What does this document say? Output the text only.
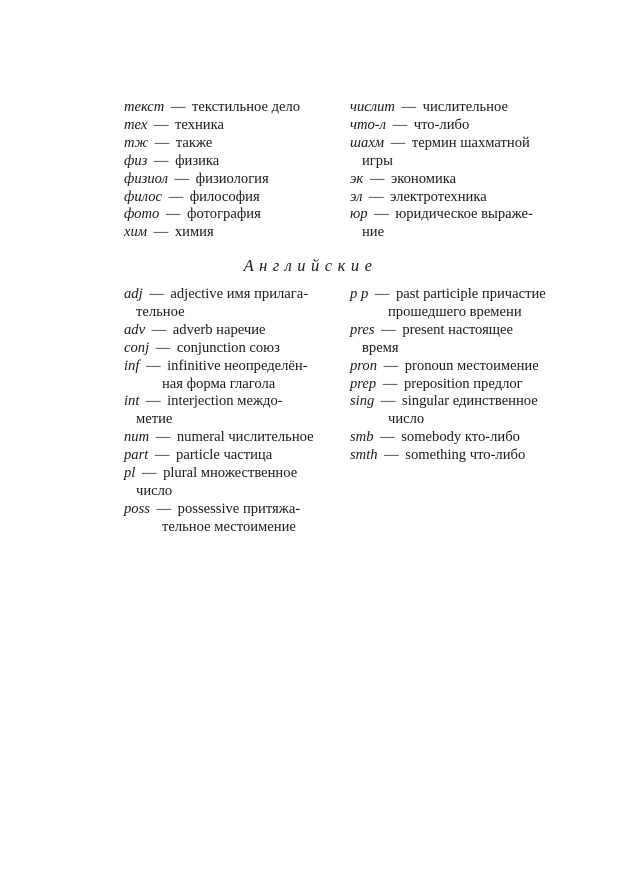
текст — текстильное дело
тех — техника
тж — также
физ — физика
физиол — физиология
филос — философия
фото — фотография
хим — химия
числит — числительное
что-л — что-либо
шахм — термин шахматной
игры
эк — экономика
эл — электротехника
юр — юридическое выраже-
ние
Английские
adj — adjective имя прилага-
тельное
adv — adverb наречие
conj — conjunction союз
inf — infinitive неопределён-
ная форма глагола
int — interjection междо-
метие
num — numeral числительное
part — particle частица
pl — plural множественное
число
poss — possessive притяжа-
тельное местоимение
p p — past participle причастие
прошедшего времени
pres — present настоящее
время
pron — pronoun местоимение
prep — preposition предлог
sing — singular единственное
число
smb — somebody кто-либо
smth — something что-либо
